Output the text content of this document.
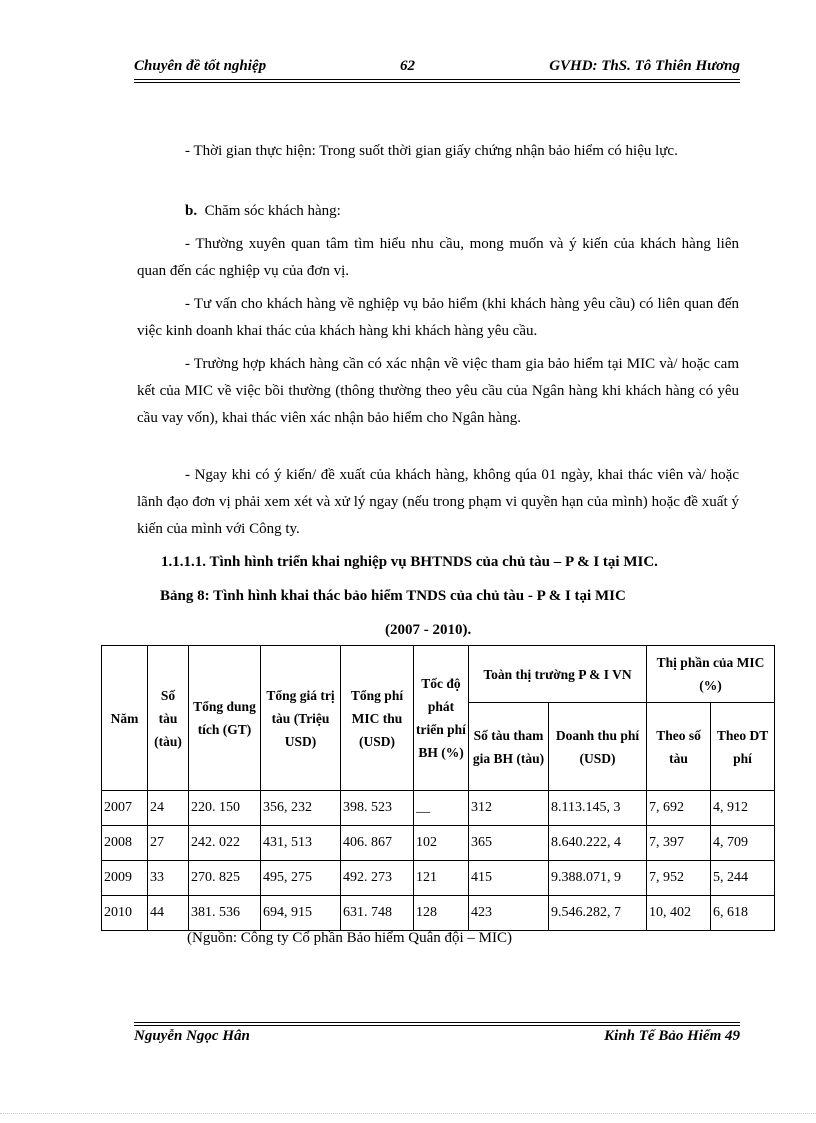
Chuyên đề tốt nghiệp	62	GVHD: ThS. Tô Thiên Hương

- Thời gian thực hiện: Trong suốt thời gian giấy chứng nhận bảo hiểm có hiệu lực.

b. Chăm sóc khách hàng:

- Thường xuyên quan tâm tìm hiểu nhu cầu, mong muốn và ý kiến của khách hàng liên quan đến các nghiệp vụ của đơn vị.

- Tư vấn cho khách hàng về nghiệp vụ bảo hiểm (khi khách hàng yêu cầu) có liên quan đến việc kinh doanh khai thác của khách hàng khi khách hàng yêu cầu.

- Trường hợp khách hàng cần có xác nhận về việc tham gia bảo hiểm tại MIC và/ hoặc cam kết của MIC về việc bồi thường (thông thường theo yêu cầu của Ngân hàng khi khách hàng có yêu cầu vay vốn), khai thác viên xác nhận bảo hiểm cho Ngân hàng.

- Ngay khi có ý kiến/ đề xuất của khách hàng, không qúa 01 ngày, khai thác viên và/ hoặc lãnh đạo đơn vị phải xem xét và xử lý ngay (nếu trong phạm vi quyền hạn của mình) hoặc đề xuất ý kiến của mình với Công ty.

1.1.1.1. Tình hình triển khai nghiệp vụ BHTNDS của chủ tàu – P & I tại MIC.
Bảng 8: Tình hình khai thác bảo hiểm TNDS của chủ tàu - P & I tại MIC
(2007 - 2010).
Năm	Số tàu (tàu)	Tổng dung tích (GT)	Tổng giá trị tàu (Triệu USD)	Tổng phí MIC thu (USD)	Tốc độ phát triển phí BH (%)	Toàn thị trường P & I VN		Thị phần của MIC (%)	
						Số tàu tham gia BH (tàu)	Doanh thu phí (USD)	Theo số tàu	Theo DT phí
2007	24	220. 150	356, 232	398. 523	__	312	8.113.145, 3	7, 692	4, 912
2008	27	242. 022	431, 513	406. 867	102	365	8.640.222, 4	7, 397	4, 709
2009	33	270. 825	495, 275	492. 273	121	415	9.388.071, 9	7, 952	5, 244
2010	44	381. 536	694, 915	631. 748	128	423	9.546.282, 7	10, 402	6, 618
(Nguồn: Công ty Cổ phần Bảo hiểm Quân đội – MIC)
Nguyễn Ngọc Hân	Kinh Tế Bảo Hiểm 49
